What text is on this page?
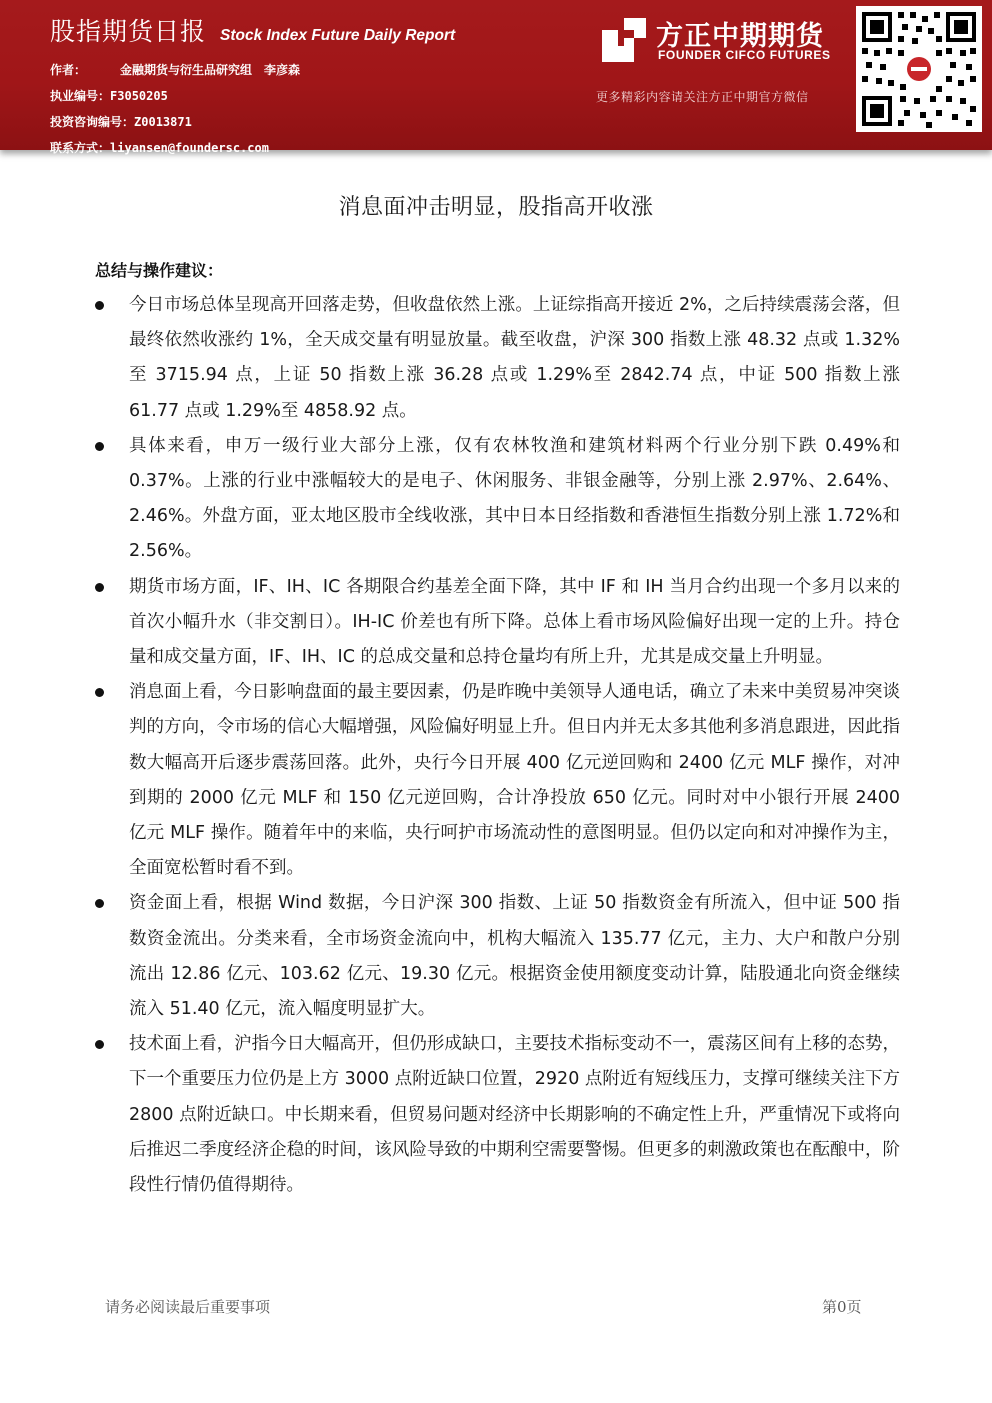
股指期货日报 Stock Index Future Daily Report
作者：	金融期货与衍生品研究组 李彦森
执业编号：F3050205
投资咨询编号：Z0013871
联系方式：liyansen@foundersc.com
方正中期期货
FOUNDER CIFCO FUTURES
更多精彩内容请关注方正中期官方微信
消息面冲击明显，股指高开收涨
总结与操作建议：
今日市场总体呈现高开回落走势，但收盘依然上涨。上证综指高开接近 2%，之后持续震荡会落，但最终依然收涨约 1%，全天成交量有明显放量。截至收盘，沪深 300 指数上涨 48.32 点或 1.32%至 3715.94 点，上证 50 指数上涨 36.28 点或 1.29%至 2842.74 点，中证 500 指数上涨 61.77 点或 1.29%至 4858.92 点。
具体来看，申万一级行业大部分上涨，仅有农林牧渔和建筑材料两个行业分别下跌 0.49%和 0.37%。上涨的行业中涨幅较大的是电子、休闲服务、非银金融等，分别上涨 2.97%、2.64%、2.46%。外盘方面，亚太地区股市全线收涨，其中日本日经指数和香港恒生指数分别上涨 1.72%和 2.56%。
期货市场方面，IF、IH、IC 各期限合约基差全面下降，其中 IF 和 IH 当月合约出现一个多月以来的首次小幅升水（非交割日）。IH-IC 价差也有所下降。总体上看市场风险偏好出现一定的上升。持仓量和成交量方面，IF、IH、IC 的总成交量和总持仓量均有所上升，尤其是成交量上升明显。
消息面上看，今日影响盘面的最主要因素，仍是昨晚中美领导人通电话，确立了未来中美贸易冲突谈判的方向，令市场的信心大幅增强，风险偏好明显上升。但日内并无太多其他利多消息跟进，因此指数大幅高开后逐步震荡回落。此外，央行今日开展 400 亿元逆回购和 2400 亿元 MLF 操作，对冲到期的 2000 亿元 MLF 和 150 亿元逆回购，合计净投放 650 亿元。同时对中小银行开展 2400 亿元 MLF 操作。随着年中的来临，央行呵护市场流动性的意图明显。但仍以定向和对冲操作为主，全面宽松暂时看不到。
资金面上看，根据 Wind 数据，今日沪深 300 指数、上证 50 指数资金有所流入，但中证 500 指数资金流出。分类来看，全市场资金流向中，机构大幅流入 135.77 亿元，主力、大户和散户分别流出 12.86 亿元、103.62 亿元、19.30 亿元。根据资金使用额度变动计算，陆股通北向资金继续流入 51.40 亿元，流入幅度明显扩大。
技术面上看，沪指今日大幅高开，但仍形成缺口，主要技术指标变动不一，震荡区间有上移的态势，下一个重要压力位仍是上方 3000 点附近缺口位置，2920 点附近有短线压力，支撑可继续关注下方 2800 点附近缺口。中长期来看，但贸易问题对经济中长期影响的不确定性上升，严重情况下或将向后推迟二季度经济企稳的时间，该风险导致的中期利空需要警惕。但更多的刺激政策也在酝酿中，阶段性行情仍值得期待。
请务必阅读最后重要事项	第0页
